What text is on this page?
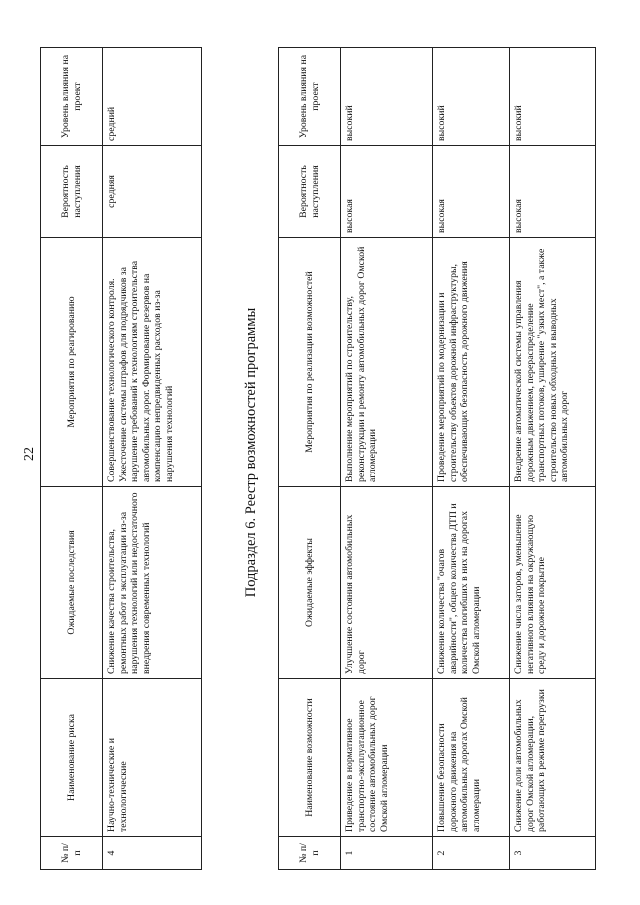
22
№ п/п	Наименование риска	Ожидаемые последствия	Мероприятия по реагированию	Вероятность наступления	Уровень влияния на проект
4	Научно-технические и технологические	Снижение качества строительства, ремонтных работ и эксплуатации из-за нарушения технологий или недостаточного внедрения современных технологий	Совершенствование технологического контроля. Ужесточение системы штрафов для подрядчиков за нарушение требований к технологиям строительства автомобильных дорог. Формирование резервов на компенсацию непредвиденных расходов из-за нарушения технологий	средняя	средний
Подраздел 6. Реестр возможностей программы
№ п/п	Наименование возможности	Ожидаемые эффекты	Мероприятия по реализации возможностей	Вероятность наступления	Уровень влияния на проект
1	Приведение в нормативное транспортно-эксплуатационное состояние автомобильных дорог Омской агломерации	Улучшение состояния автомобильных дорог	Выполнение мероприятий по строительству, реконструкции и ремонту автомобильных дорог Омской агломерации	высокая	высокий
2	Повышение безопасности дорожного движения на автомобильных дорогах Омской агломерации	Снижение количества "очагов аварийности", общего количества ДТП и количества погибших в них на дорогах Омской агломерации	Проведение мероприятий по модернизации и строительству объектов дорожной инфраструктуры, обеспечивающих безопасность дорожного движения	высокая	высокий
3	Снижение доли автомобильных дорог Омской агломерации, работающих в режиме перегрузки	Снижение числа заторов, уменьшение негативного влияния на окружающую среду и дорожное покрытие	Внедрение автоматической системы управления дорожным движением, перераспределение транспортных потоков, уширение "узких мест", а также строительство новых обходных и выводных автомобильных дорог	высокая	высокий
